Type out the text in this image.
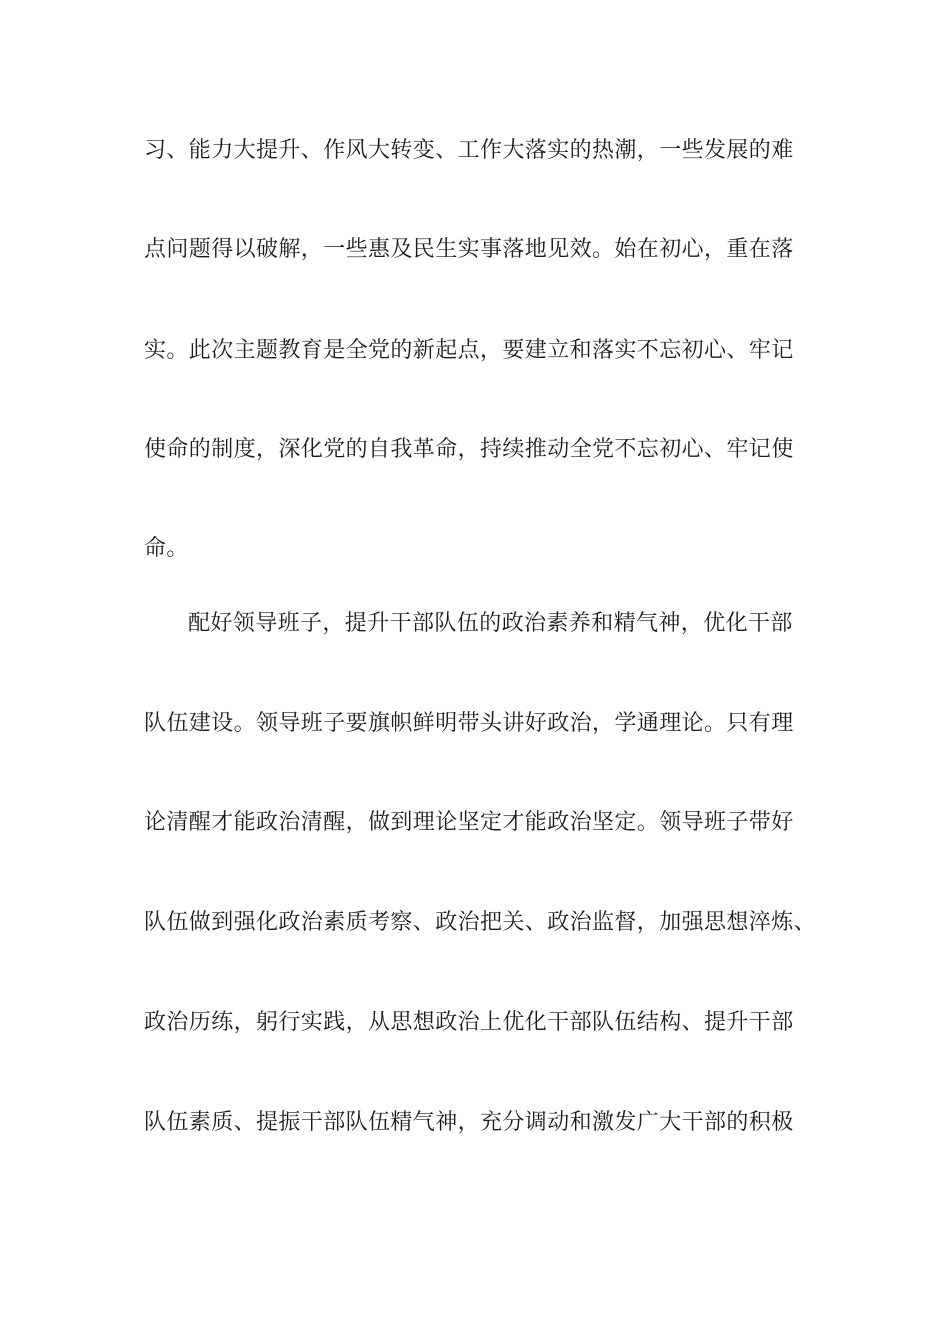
习、能力大提升、作风大转变、工作大落实的热潮，一些发展的难
点问题得以破解，一些惠及民生实事落地见效。始在初心，重在落
实。此次主题教育是全党的新起点，要建立和落实不忘初心、牢记
使命的制度，深化党的自我革命，持续推动全党不忘初心、牢记使
命。
配好领导班子，提升干部队伍的政治素养和精气神，优化干部
队伍建设。领导班子要旗帜鲜明带头讲好政治，学通理论。只有理
论清醒才能政治清醒，做到理论坚定才能政治坚定。领导班子带好
队伍做到强化政治素质考察、政治把关、政治监督，加强思想淬炼、
政治历练，躬行实践，从思想政治上优化干部队伍结构、提升干部
队伍素质、提振干部队伍精气神，充分调动和激发广大干部的积极
